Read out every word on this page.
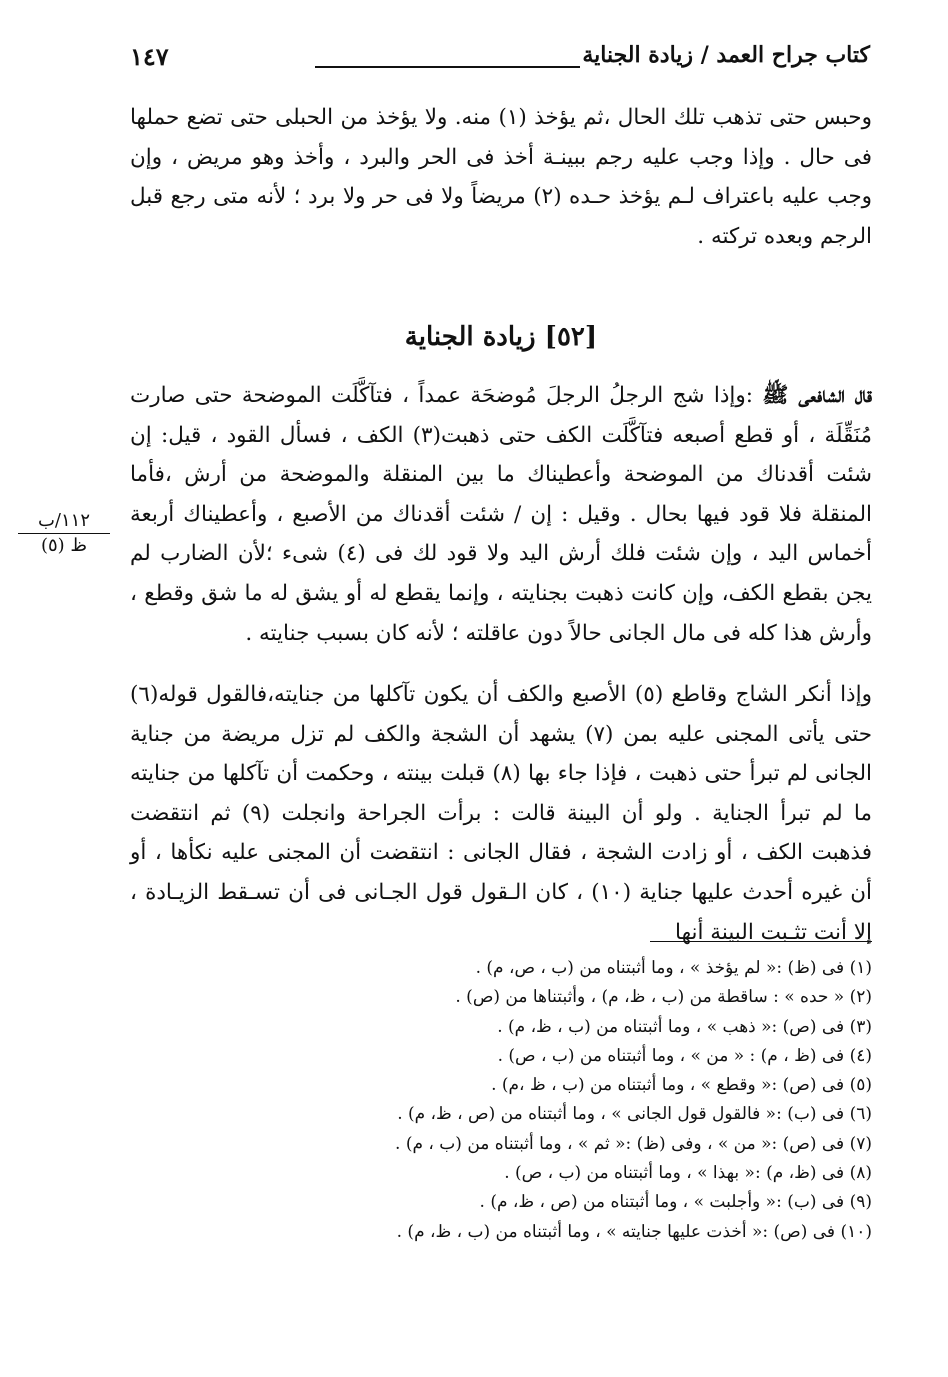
كتاب جراح العمد / زيادة الجناية
١٤٧

وحبس حتى تذهب تلك الحال ،ثم يؤخذ (١) منه. ولا يؤخذ من الحبلى حتى تضع حملها فى حال . وإذا وجب عليه رجم ببينـة أخذ فى الحر والبرد ، وأخذ وهو مريض ، وإن وجب عليه باعتراف لـم يؤخذ حـده (٢) مريضاً ولا فى حر ولا برد ؛ لأنه متى رجع قبل الرجم وبعده تركته .

[٥٢] زيادة الجناية

قال الشافعى ﷺ :وإذا شج الرجلُ الرجلَ مُوضحَة عمداً ، فتآكَّلَت الموضحة حتى صارت مُنَقِّلَة ، أو قطع أصبعه فتآكَّلَت الكف حتى ذهبت(٣) الكف ، فسأل القود ، قيل: إن شئت أقدناك من الموضحة وأعطيناك ما بين المنقلة والموضحة من أرش ،فأما المنقلة فلا قود فيها بحال . وقيل : إن / شئت أقدناك من الأصبع ، وأعطيناك أربعة أخماس اليد ، وإن شئت فلك أرش اليد ولا قود لك فى (٤) شىء ؛لأن الضارب لم يجن بقطع الكف، وإن كانت ذهبت بجنايته ، وإنما يقطع له أو يشق له ما شق وقطع ، وأرش هذا كله فى مال الجانى حالاً دون عاقلته ؛ لأنه كان بسبب جنايته .

١١٢/ب
ظ (٥)

وإذا أنكر الشاج وقاطع (٥) الأصبع والكف أن يكون تآكلها من جنايته،فالقول قوله(٦) حتى يأتى المجنى عليه بمن (٧) يشهد أن الشجة والكف لم تزل مريضة من جناية الجانى لم تبرأ حتى ذهبت ، فإذا جاء بها (٨) قبلت بينته ، وحكمت أن تآكلها من جنايته ما لم تبرأ الجناية . ولو أن البينة قالت : برأت الجراحة وانجلت (٩) ثم انتقضت فذهبت الكف ، أو زادت الشجة ، فقال الجانى : انتقضت أن المجنى عليه نكأها ، أو أن غيره أحدث عليها جناية (١٠) ، كان الـقول قول الجـانى فى أن تسـقط الزيـادة ، إلا أنت تثـبت البينة أنها

(١) فى (ظ) :« لم يؤخذ » ، وما أثبتناه من (ب ، ص، م) .
(٢) « حده » : ساقطة من (ب ، ظ، م) ، وأثبتناها من (ص) .
(٣) فى (ص) :« ذهب » ، وما أثبتناه من (ب ، ظ، م) .
(٤) فى (ظ ، م) : « من » ، وما أثبتناه من (ب ، ص) .
(٥) فى (ص) :« وقطع » ، وما أثبتناه من (ب ، ظ ،م) .
(٦) فى (ب) :« فالقول قول الجانى » ، وما أثبتناه من (ص ، ظ، م) .
(٧) فى (ص) :« من » ، وفى (ظ) :« ثم » ، وما أثبتناه من (ب ، م) .
(٨) فى (ظ، م) :« بهذا » ، وما أثبتناه من (ب ، ص) .
(٩) فى (ب) :« وأجلبت » ، وما أثبتناه من (ص ، ظ، م) .
(١٠) فى (ص) :« أخذت عليها جنايته » ، وما أثبتناه من (ب ، ظ، م) .
